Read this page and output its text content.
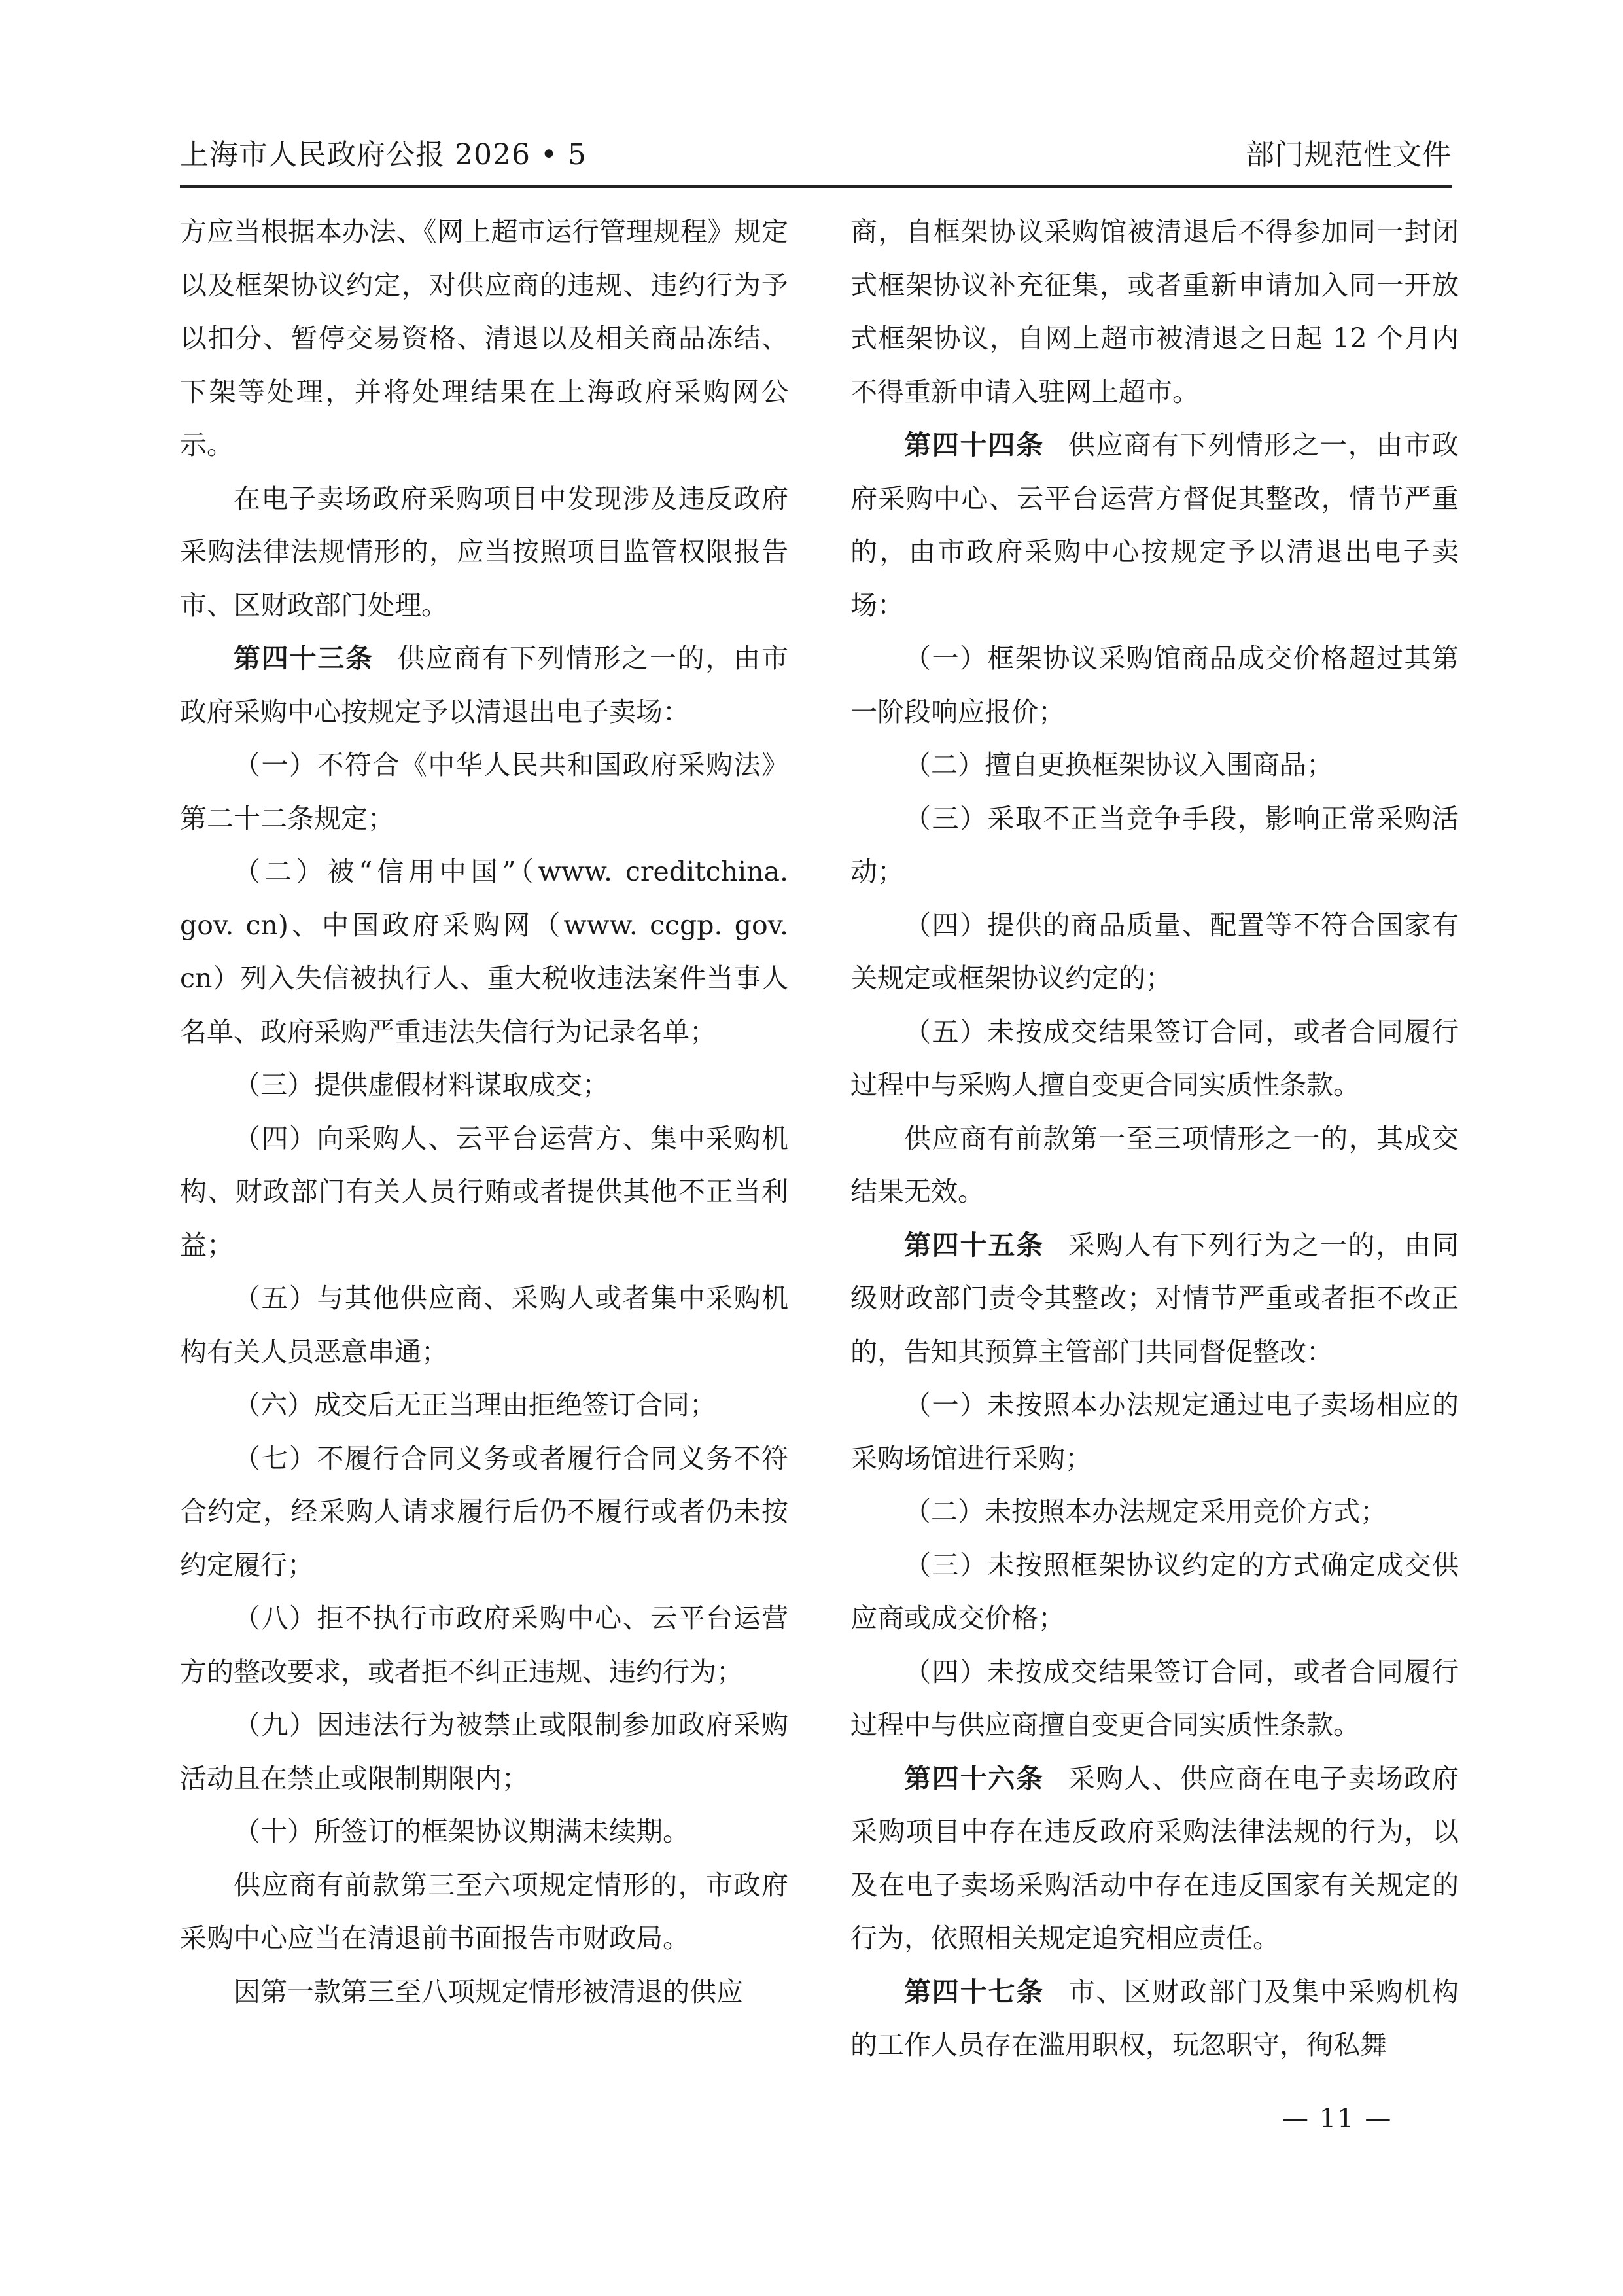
上海市人民政府公报 2026 • 5	部门规范性文件

方应当根据本办法、《网上超市运行管理规程》规定以及框架协议约定，对供应商的违规、违约行为予以扣分、暂停交易资格、清退以及相关商品冻结、下架等处理，并将处理结果在上海政府采购网公示。

在电子卖场政府采购项目中发现涉及违反政府采购法律法规情形的，应当按照项目监管权限报告市、区财政部门处理。

第四十三条 供应商有下列情形之一的，由市政府采购中心按规定予以清退出电子卖场：

（一）不符合《中华人民共和国政府采购法》第二十二条规定；

（二）被“信用中国”（www. creditchina. gov. cn)、中国政府采购网（www. ccgp. gov. cn）列入失信被执行人、重大税收违法案件当事人名单、政府采购严重违法失信行为记录名单；

（三）提供虚假材料谋取成交；

（四）向采购人、云平台运营方、集中采购机构、财政部门有关人员行贿或者提供其他不正当利益；

（五）与其他供应商、采购人或者集中采购机构有关人员恶意串通；

（六）成交后无正当理由拒绝签订合同；

（七）不履行合同义务或者履行合同义务不符合约定，经采购人请求履行后仍不履行或者仍未按约定履行；

（八）拒不执行市政府采购中心、云平台运营方的整改要求，或者拒不纠正违规、违约行为；

（九）因违法行为被禁止或限制参加政府采购活动且在禁止或限制期限内；

（十）所签订的框架协议期满未续期。

供应商有前款第三至六项规定情形的，市政府采购中心应当在清退前书面报告市财政局。

因第一款第三至八项规定情形被清退的供应

商，自框架协议采购馆被清退后不得参加同一封闭式框架协议补充征集，或者重新申请加入同一开放式框架协议，自网上超市被清退之日起 12 个月内不得重新申请入驻网上超市。

第四十四条 供应商有下列情形之一，由市政府采购中心、云平台运营方督促其整改，情节严重的，由市政府采购中心按规定予以清退出电子卖场：

（一）框架协议采购馆商品成交价格超过其第一阶段响应报价；

（二）擅自更换框架协议入围商品；

（三）采取不正当竞争手段，影响正常采购活动；

（四）提供的商品质量、配置等不符合国家有关规定或框架协议约定的；

（五）未按成交结果签订合同，或者合同履行过程中与采购人擅自变更合同实质性条款。

供应商有前款第一至三项情形之一的，其成交结果无效。

第四十五条 采购人有下列行为之一的，由同级财政部门责令其整改；对情节严重或者拒不改正的，告知其预算主管部门共同督促整改：

（一）未按照本办法规定通过电子卖场相应的采购场馆进行采购；

（二）未按照本办法规定采用竞价方式；

（三）未按照框架协议约定的方式确定成交供应商或成交价格；

（四）未按成交结果签订合同，或者合同履行过程中与供应商擅自变更合同实质性条款。

第四十六条 采购人、供应商在电子卖场政府采购项目中存在违反政府采购法律法规的行为，以及在电子卖场采购活动中存在违反国家有关规定的行为，依照相关规定追究相应责任。

第四十七条 市、区财政部门及集中采购机构的工作人员存在滥用职权，玩忽职守，徇私舞

— 11 —
